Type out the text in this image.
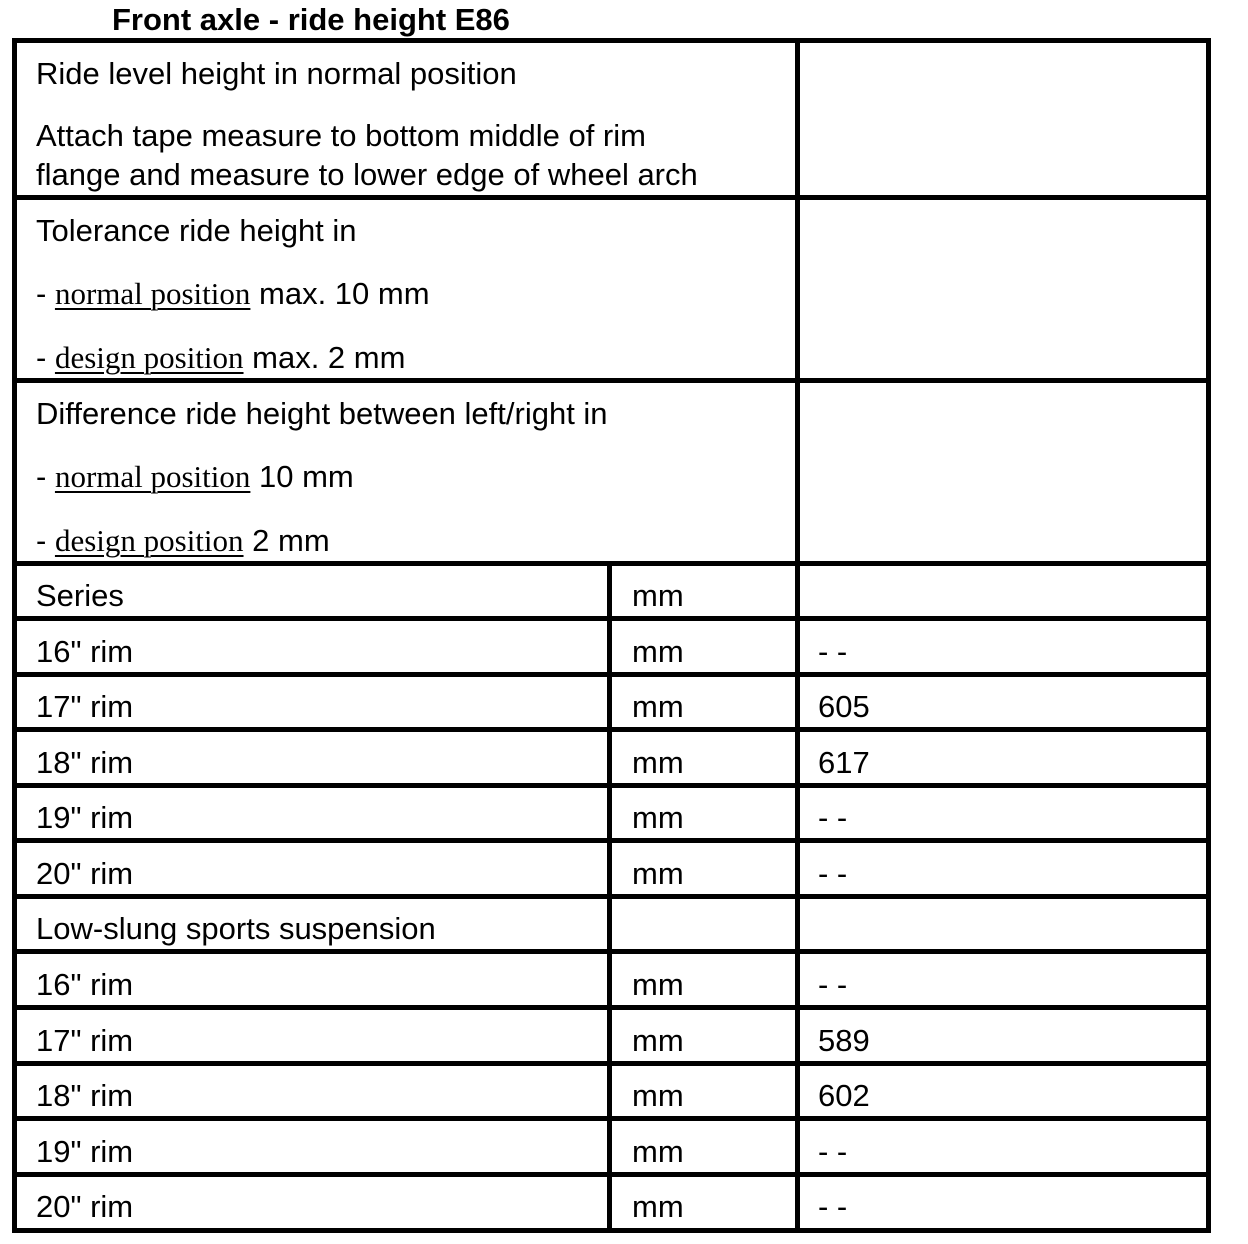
Front axle - ride height E86
Ride level height in normal position
Attach tape measure to bottom middle of rim
flange and measure to lower edge of wheel arch
Tolerance ride height in
- normal position max. 10 mm
- design position max. 2 mm
Difference ride height between left/right in
- normal position 10 mm
- design position 2 mm
Series	mm
16" rim	mm	- -
17" rim	mm	605
18" rim	mm	617
19" rim	mm	- -
20" rim	mm	- -
Low-slung sports suspension
16" rim	mm	- -
17" rim	mm	589
18" rim	mm	602
19" rim	mm	- -
20" rim	mm	- -
